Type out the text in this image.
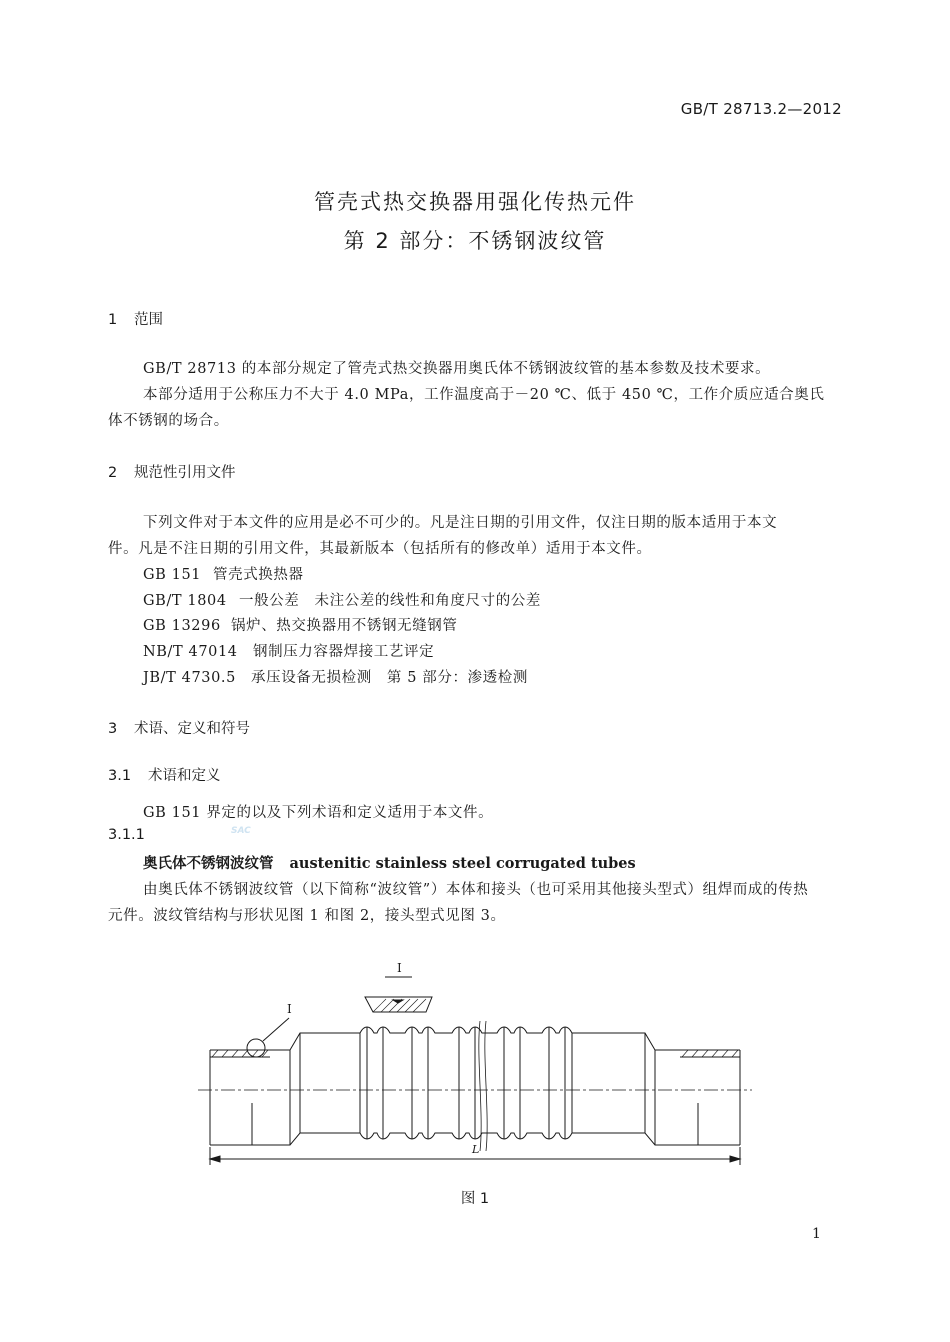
GB/T 28713.2—2012
管壳式热交换器用强化传热元件
第 2 部分：不锈钢波纹管
1 范围
GB/T 28713 的本部分规定了管壳式热交换器用奥氏体不锈钢波纹管的基本参数及技术要求。
本部分适用于公称压力不大于 4.0 MPa，工作温度高于－20 ℃、低于 450 ℃，工作介质应适合奥氏
体不锈钢的场合。
2 规范性引用文件
下列文件对于本文件的应用是必不可少的。凡是注日期的引用文件，仅注日期的版本适用于本文
件。凡是不注日期的引用文件，其最新版本（包括所有的修改单）适用于本文件。
GB 151 管壳式换热器
GB/T 1804 一般公差　未注公差的线性和角度尺寸的公差
GB 13296 锅炉、热交换器用不锈钢无缝钢管
NB/T 47014 钢制压力容器焊接工艺评定
JB/T 4730.5 承压设备无损检测　第 5 部分：渗透检测
3 术语、定义和符号
3.1 术语和定义
GB 151 界定的以及下列术语和定义适用于本文件。
3.1.1	SAC
奥氏体不锈钢波纹管 austenitic stainless steel corrugated tubes
由奥氏体不锈钢波纹管（以下简称“波纹管”）本体和接头（也可采用其他接头型式）组焊而成的传热
元件。波纹管结构与形状见图 1 和图 2，接头型式见图 3。
I
I
L
图 1
1
